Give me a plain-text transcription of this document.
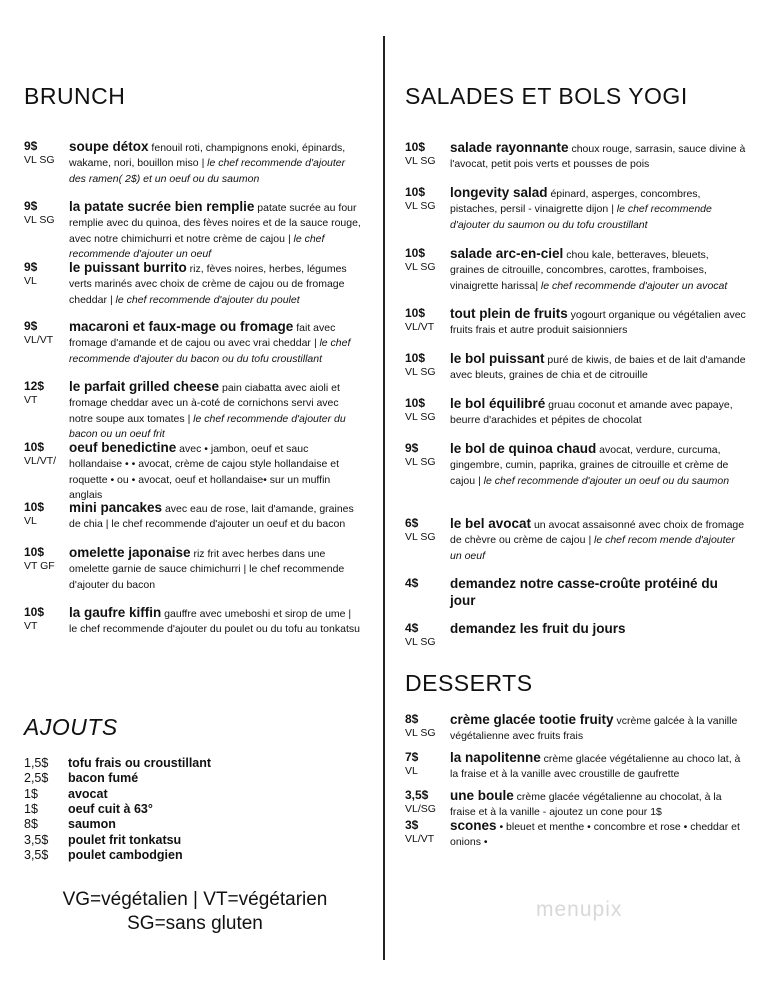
BRUNCH
9$
VL SG
soupe détox fenouil roti, champignons enoki, épinards, wakame, nori, bouillon miso | le chef recommende d'ajouter des ramen( 2$) et un oeuf ou du saumon
9$
VL SG
la patate sucrée bien remplie patate sucrée au four remplie avec du quinoa, des fèves noires et de la sauce rouge, avec notre chimichurri et notre crème de cajou | le chef recommende d'ajouter un oeuf
9$
VL
le puissant burrito riz, fèves noires, herbes, légumes verts marinés avec choix de crème de cajou ou de fromage cheddar | le chef recommende d'ajouter du poulet
9$
VL/VT
macaroni et faux-mage ou fromage fait avec fromage d'amande et de cajou ou avec vrai cheddar | le chef recommende d'ajouter du bacon ou du tofu croustillant
12$
VT
le parfait grilled cheese pain ciabatta avec aioli et fromage cheddar avec un à-coté de cornichons servi avec notre soupe aux tomates | le chef recommende d'ajouter du bacon ou un oeuf frit
10$
VL/VT/
oeuf benedictine avec • jambon, oeuf et sauc hollandaise • • avocat, crème de cajou style hollandaise et roquette • ou • avocat, oeuf et hollandaise• sur un muffin anglais
10$
VL
mini pancakes avec eau de rose, lait d'amande, graines de chia | le chef recommende d'ajouter un oeuf et du bacon
10$
VT GF
omelette japonaise riz frit avec herbes dans une omelette garnie de sauce chimichurri | le chef recommende d'ajouter du bacon
10$
VT
la gaufre kiffin gauffre avec umeboshi et sirop de ume | le chef recommende d'ajouter du poulet ou du tofu au tonkatsu
AJOUTS
1,5$ tofu frais ou croustillant
2,5$ bacon fumé
1$ avocat
1$ oeuf cuit à 63°
8$ saumon
3,5$ poulet frit tonkatsu
3,5$ poulet cambodgien
VG=végétalien | VT=végétarien
SG=sans gluten
SALADES ET BOLS YOGI
10$
VL SG
salade rayonnante choux rouge, sarrasin, sauce divine à l'avocat, petit pois verts et pousses de pois
10$
VL SG
longevity salad épinard, asperges, concombres, pistaches, persil - vinaigrette dijon | le chef recommende d'ajouter du saumon ou du tofu croustillant
10$
VL SG
salade arc-en-ciel chou kale, betteraves, bleuets, graines de citrouille, concombres, carottes, framboises, vinaigrette harissa| le chef recommende d'ajouter un avocat
10$
VL/VT
tout plein de fruits yogourt organique ou végétalien avec fruits frais et autre produit saisionniers
10$
VL SG
le bol puissant puré de kiwis, de baies et de lait d'amande avec bleuts, graines de chia et de citrouille
10$
VL SG
le bol équilibré gruau coconut et amande avec papaye, beurre d'arachides et pépites de chocolat
9$
VL SG
le bol de quinoa chaud avocat, verdure, curcuma, gingembre, cumin, paprika, graines de citrouille et crème de cajou | le chef recommende d'ajouter un oeuf ou du saumon
6$
VL SG
le bel avocat un avocat assaisonné avec choix de fromage de chèvre ou crème de cajou | le chef recom mende d'ajouter un oeuf
4$ demandez notre casse-croûte protéiné du jour
4$
VL SG
demandez les fruit du jours
DESSERTS
8$
VL SG
crème glacée tootie fruity vcrème galcée à la vanille végétalienne avec fruits frais
7$
VL
la napolitenne crème glacée végétalienne au choco lat, à la fraise et à la vanille avec croustille de gaufrette
3,5$
VL/SG
une boule crème glacée végétalienne au chocolat, à la fraise et à la vanille - ajoutez un cone pour 1$
3$
VL/VT
scones • bleuet et menthe • concombre et rose • cheddar et onions •
menupix
